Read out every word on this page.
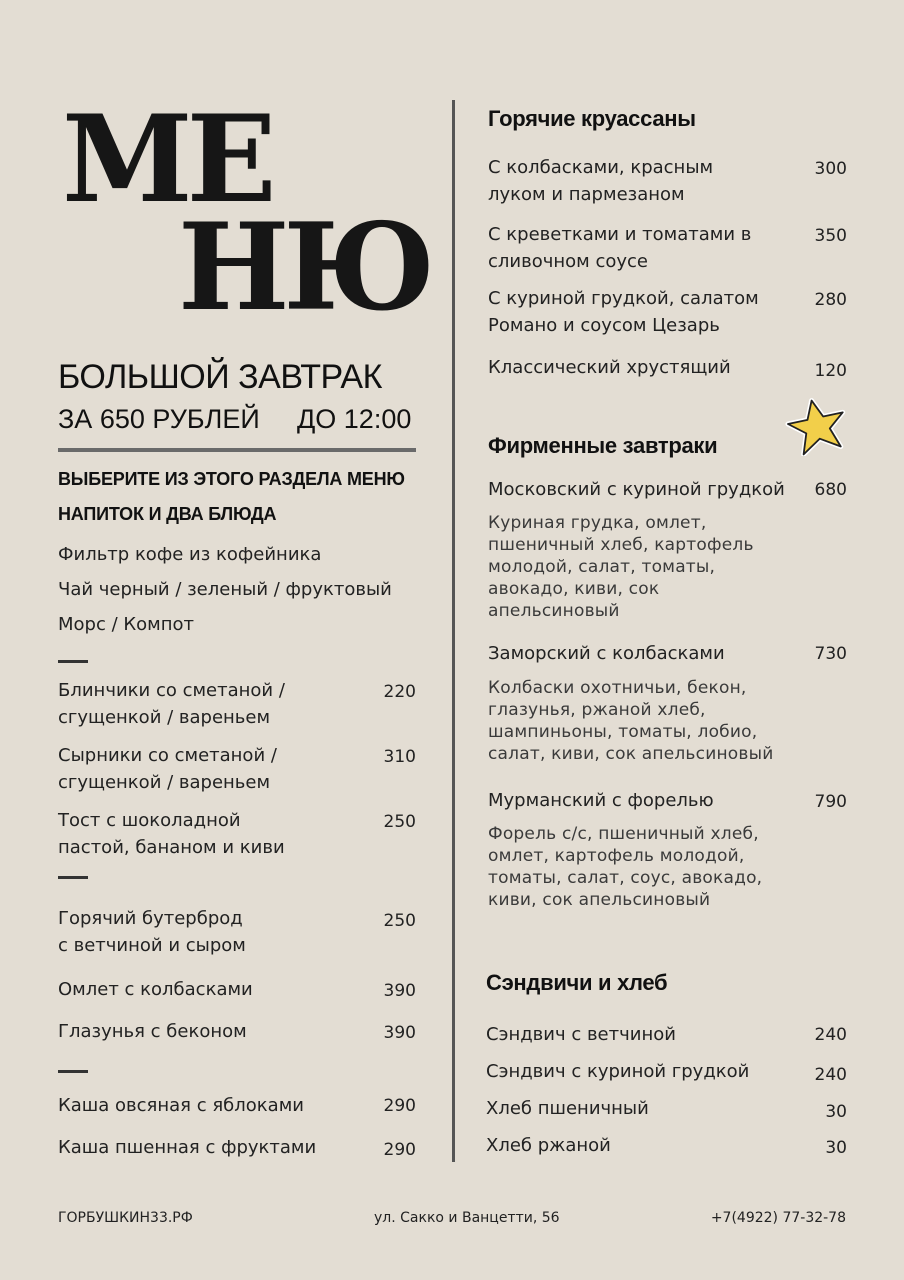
МЕ
НЮ
БОЛЬШОЙ ЗАВТРАК
ЗА 650 РУБЛЕЙ ДО 12:00
ВЫБЕРИТЕ ИЗ ЭТОГО РАЗДЕЛА МЕНЮ
НАПИТОК И ДВА БЛЮДА
Фильтр кофе из кофейника
Чай черный / зеленый / фруктовый
Морс / Компот
Блинчики со сметаной /
сгущенкой / вареньем
220
Сырники со сметаной /
сгущенкой / вареньем
310
Тост с шоколадной
пастой, бананом и киви
250
Горячий бутерброд
с ветчиной и сыром
250
Омлет с колбасками	390
Глазунья с беконом	390
Каша овсяная с яблоками	290
Каша пшенная с фруктами	290
Горячие круассаны
С колбасками, красным
луком и пармезаном
300
С креветками и томатами в
сливочном соусе
350
С куриной грудкой, салатом
Романо и соусом Цезарь
280
Классический хрустящий	120
Фирменные завтраки
Московский с куриной грудкой	680
Куриная грудка, омлет,
пшеничный хлеб, картофель
молодой, салат, томаты,
авокадо, киви, сок
апельсиновый
Заморский с колбасками	730
Колбаски охотничьи, бекон,
глазунья, ржаной хлеб,
шампиньоны, томаты, лобио,
салат, киви, сок апельсиновый
Мурманский с форелью	790
Форель с/с, пшеничный хлеб,
омлет, картофель молодой,
томаты, салат, соус, авокадо,
киви, сок апельсиновый
Сэндвичи и хлеб
Сэндвич с ветчиной	240
Сэндвич с куриной грудкой	240
Хлеб пшеничный	30
Хлеб ржаной	30
ГОРБУШКИН33.РФ	ул. Сакко и Ванцетти, 56	+7(4922) 77-32-78
